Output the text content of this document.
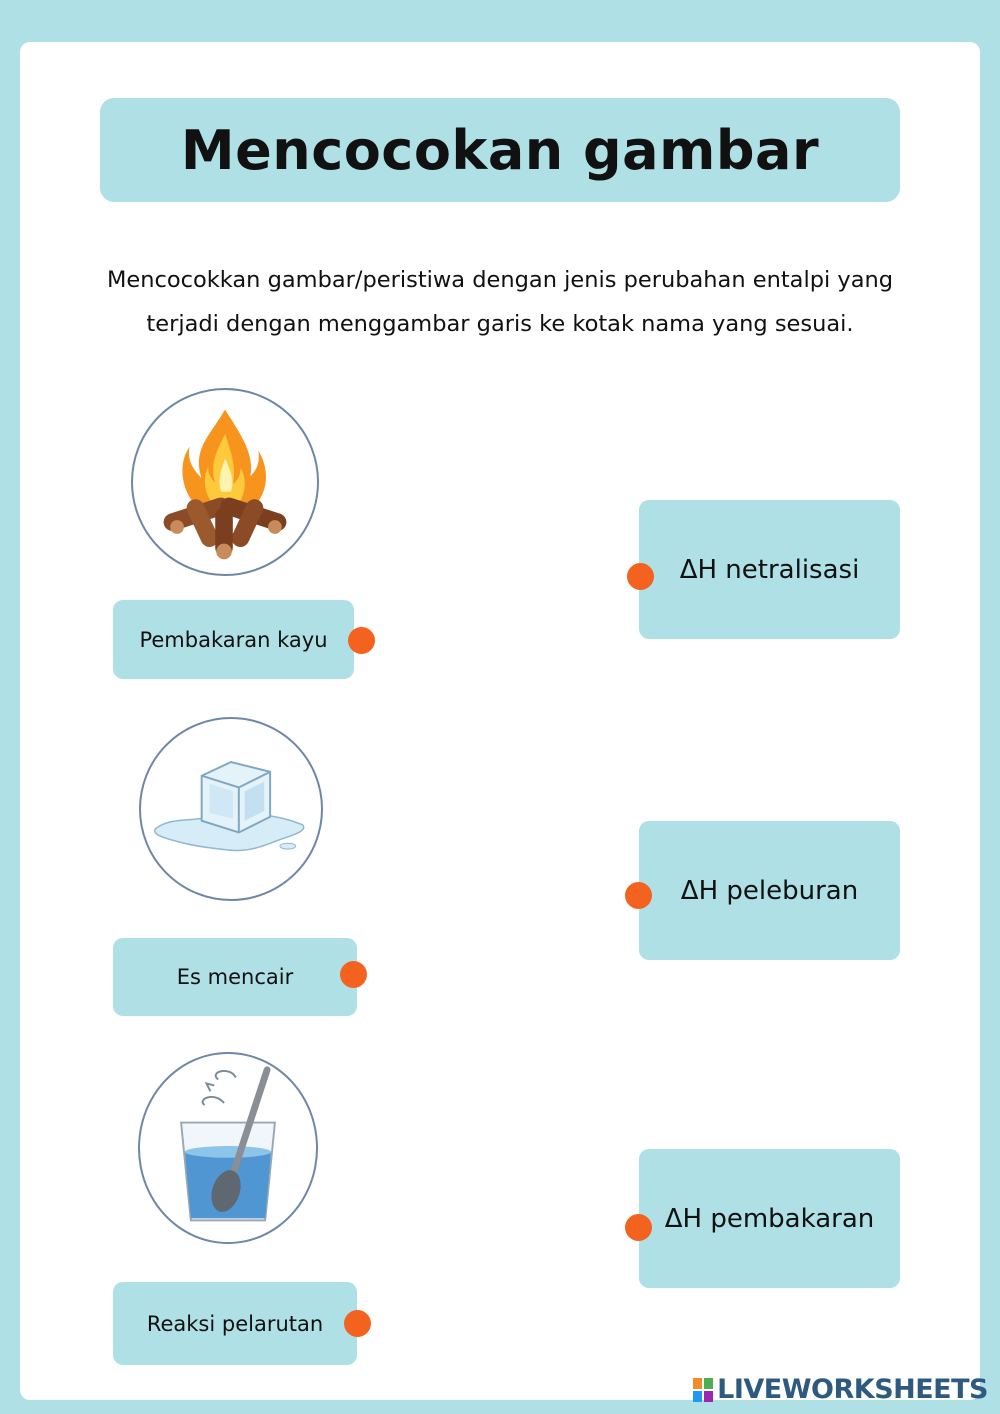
Mencocokan gambar
Mencocokkan gambar/peristiwa dengan jenis perubahan entalpi yang terjadi dengan menggambar garis ke kotak nama yang sesuai.
Pembakaran kayu
Es mencair
Reaksi pelarutan
ΔH netralisasi
ΔH peleburan
ΔH pembakaran
LIVEWORKSHEETS
